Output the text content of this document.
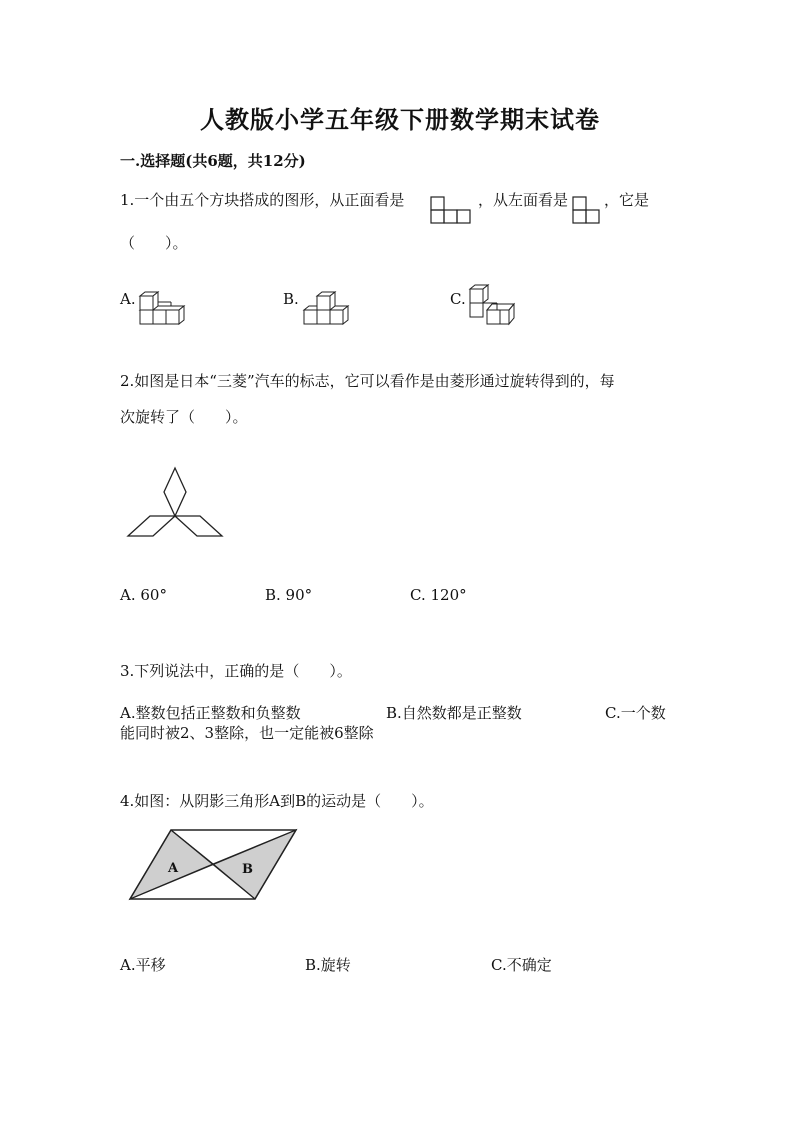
人教版小学五年级下册数学期末试卷
一.选择题(共6题，共12分)
1.一个由五个方块搭成的图形，从正面看是	，从左面看是 ，它是
（　　）。
A.	B.	C.
2.如图是日本“三菱”汽车的标志，它可以看作是由菱形通过旋转得到的，每
次旋转了（　　）。
A. 60°	B. 90°	C. 120°
3.下列说法中，正确的是（　　）。
A.整数包括正整数和负整数	B.自然数都是正整数	C.一个数
能同时被2、3整除，也一定能被6整除
4.如图：从阴影三角形A到B的运动是（　　）。
A	B
A.平移	B.旋转	C.不确定
